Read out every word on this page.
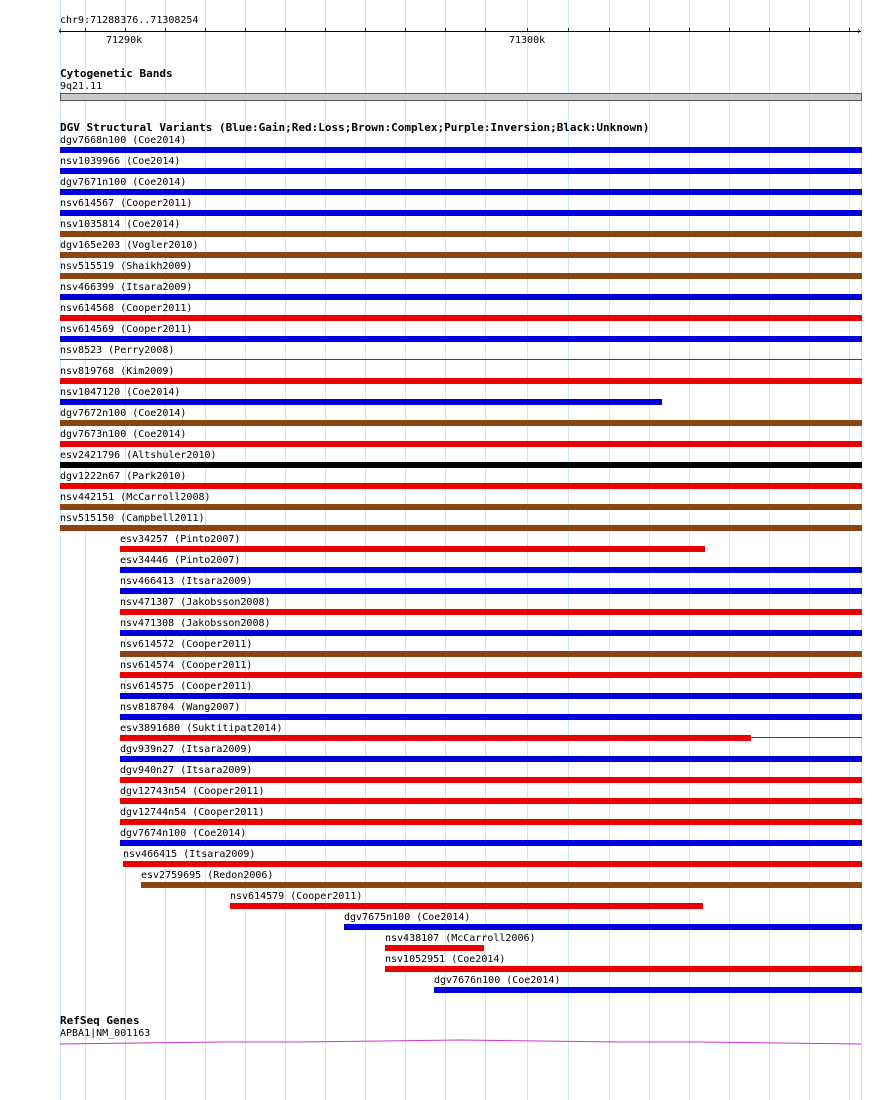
chr9:71288376..71308254
‹	›
71290k	71300k
Cytogenetic Bands
9q21.11
DGV Structural Variants (Blue:Gain;Red:Loss;Brown:Complex;Purple:Inversion;Black:Unknown)
dgv7668n100 (Coe2014)
nsv1039966 (Coe2014)
dgv7671n100 (Coe2014)
nsv614567 (Cooper2011)
nsv1035814 (Coe2014)
dgv165e203 (Vogler2010)
nsv515519 (Shaikh2009)
nsv466399 (Itsara2009)
nsv614568 (Cooper2011)
nsv614569 (Cooper2011)
nsv8523 (Perry2008)
nsv819768 (Kim2009)
nsv1047120 (Coe2014)
dgv7672n100 (Coe2014)
dgv7673n100 (Coe2014)
esv2421796 (Altshuler2010)
dgv1222n67 (Park2010)
nsv442151 (McCarroll2008)
nsv515150 (Campbell2011)
esv34257 (Pinto2007)
esv34446 (Pinto2007)
nsv466413 (Itsara2009)
nsv471307 (Jakobsson2008)
nsv471308 (Jakobsson2008)
nsv614572 (Cooper2011)
nsv614574 (Cooper2011)
nsv614575 (Cooper2011)
nsv818704 (Wang2007)
esv3891680 (Suktitipat2014)
dgv939n27 (Itsara2009)
dgv940n27 (Itsara2009)
dgv12743n54 (Cooper2011)
dgv12744n54 (Cooper2011)
dgv7674n100 (Coe2014)
nsv466415 (Itsara2009)
esv2759695 (Redon2006)
nsv614579 (Cooper2011)
dgv7675n100 (Coe2014)
nsv438107 (McCarroll2006)
nsv1052951 (Coe2014)
dgv7676n100 (Coe2014)
RefSeq Genes
APBA1|NM_001163
